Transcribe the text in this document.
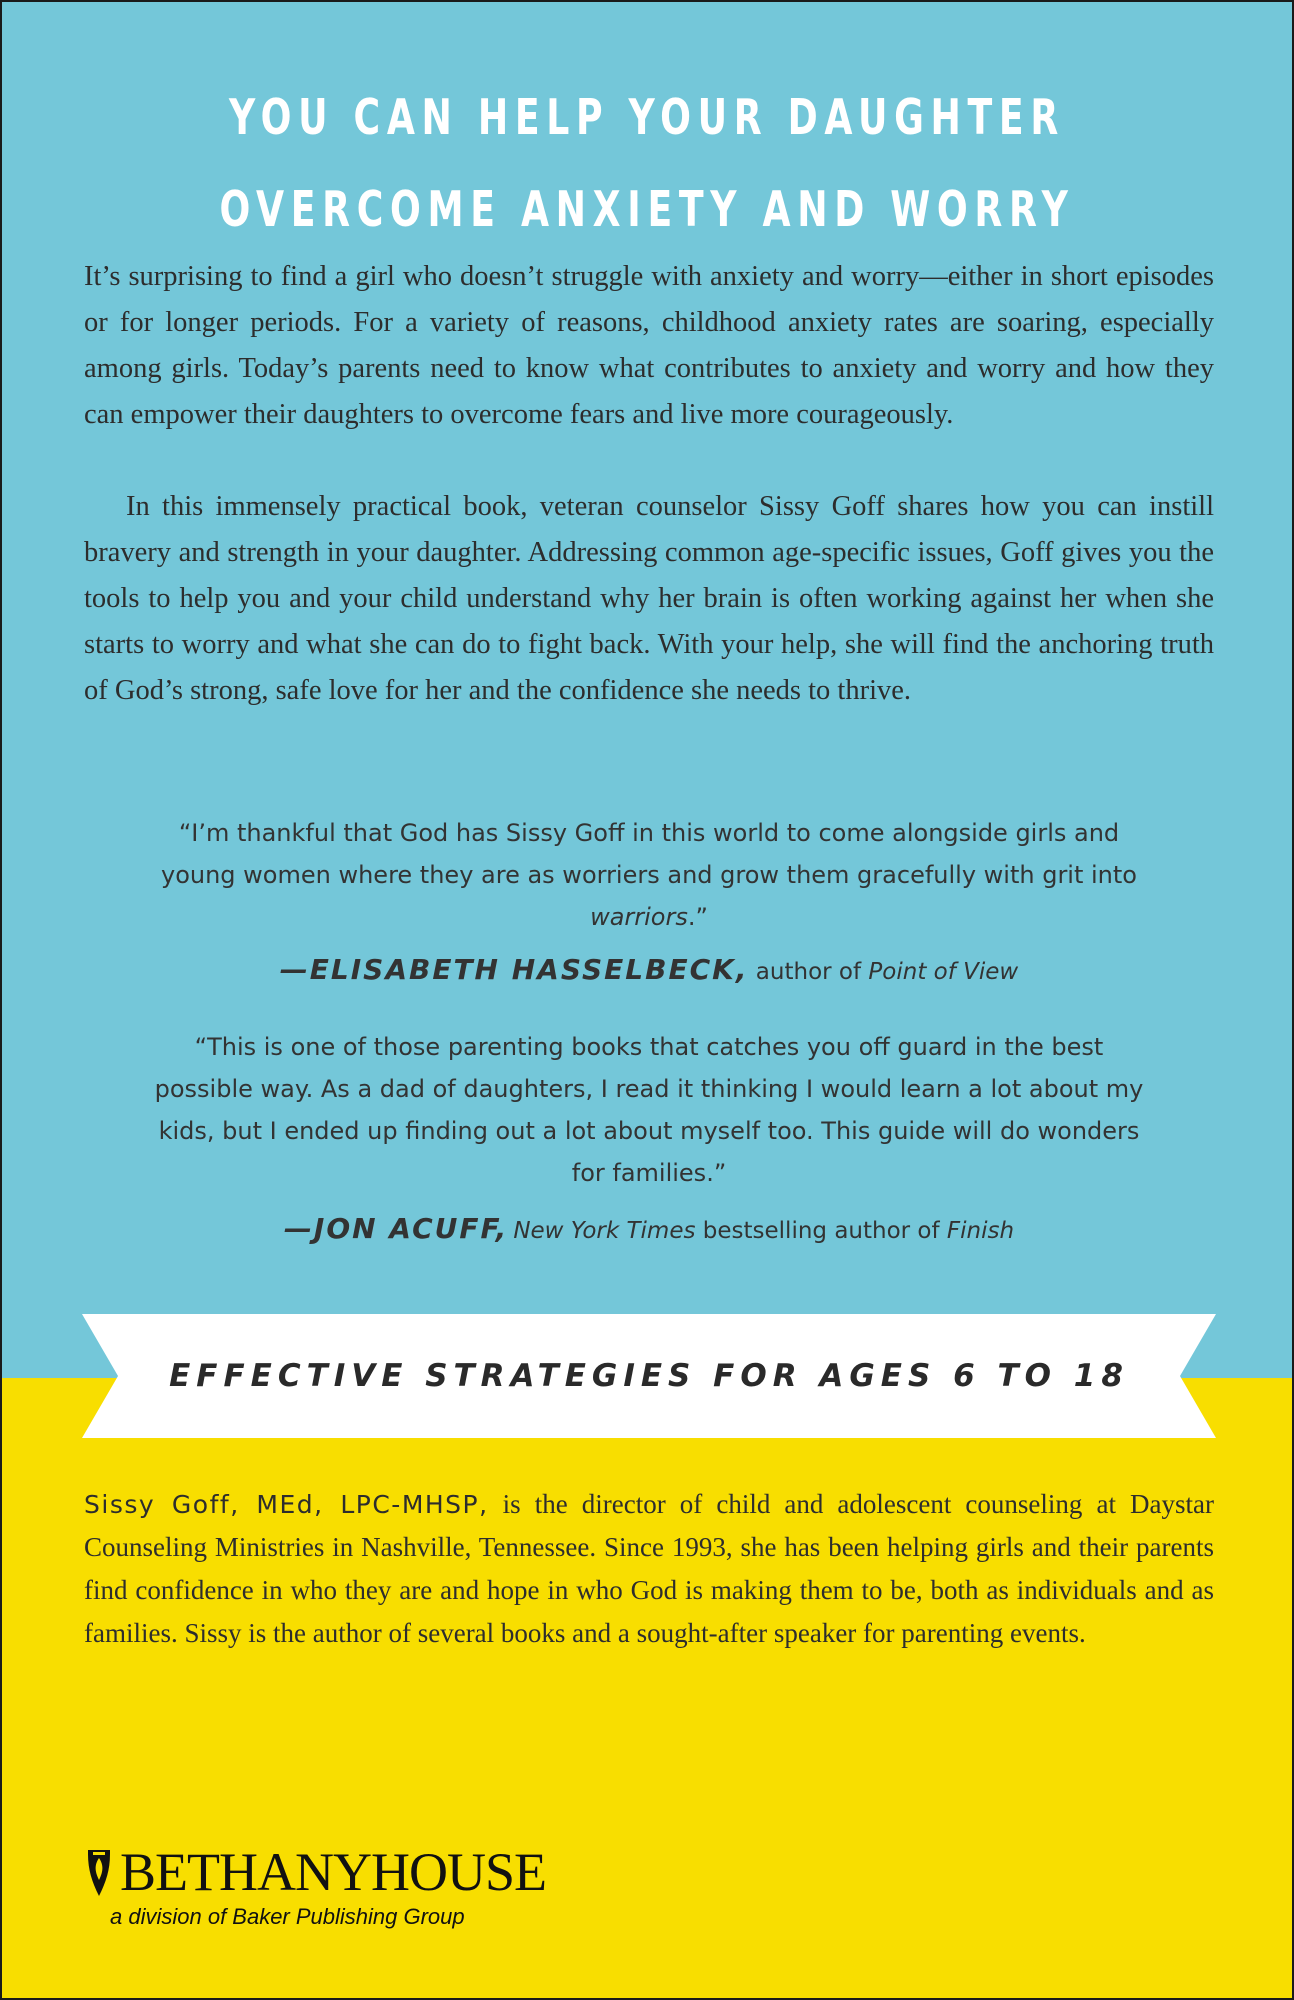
YOU CAN HELP YOUR DAUGHTER
OVERCOME ANXIETY AND WORRY

It’s surprising to find a girl who doesn’t struggle with anxiety and worry—either in short episodes or for longer periods. For a variety of reasons, childhood anxiety rates are soaring, especially among girls. Today’s parents need to know what contributes to anxiety and worry and how they can empower their daughters to overcome fears and live more courageously.

In this immensely practical book, veteran counselor Sissy Goff shares how you can instill bravery and strength in your daughter. Addressing common age-specific issues, Goff gives you the tools to help you and your child understand why her brain is often working against her when she starts to worry and what she can do to fight back. With your help, she will find the anchoring truth of God’s strong, safe love for her and the confidence she needs to thrive.

“I’m thankful that God has Sissy Goff in this world to come alongside girls and young women where they are as worriers and grow them gracefully with grit into warriors.”

—ELISABETH HASSELBECK, author of Point of View

“This is one of those parenting books that catches you off guard in the best possible way. As a dad of daughters, I read it thinking I would learn a lot about my kids, but I ended up finding out a lot about myself too. This guide will do wonders for families.”

—JON ACUFF, New York Times bestselling author of Finish
EFFECTIVE STRATEGIES FOR AGES 6 TO 18

Sissy Goff, MEd, LPC-MHSP, is the director of child and adolescent counseling at Daystar Counseling Ministries in Nashville, Tennessee. Since 1993, she has been helping girls and their parents find confidence in who they are and hope in who God is making them to be, both as individuals and as families. Sissy is the author of several books and a sought-after speaker for parenting events.

BETHANYHOUSE
a division of Baker Publishing Group
